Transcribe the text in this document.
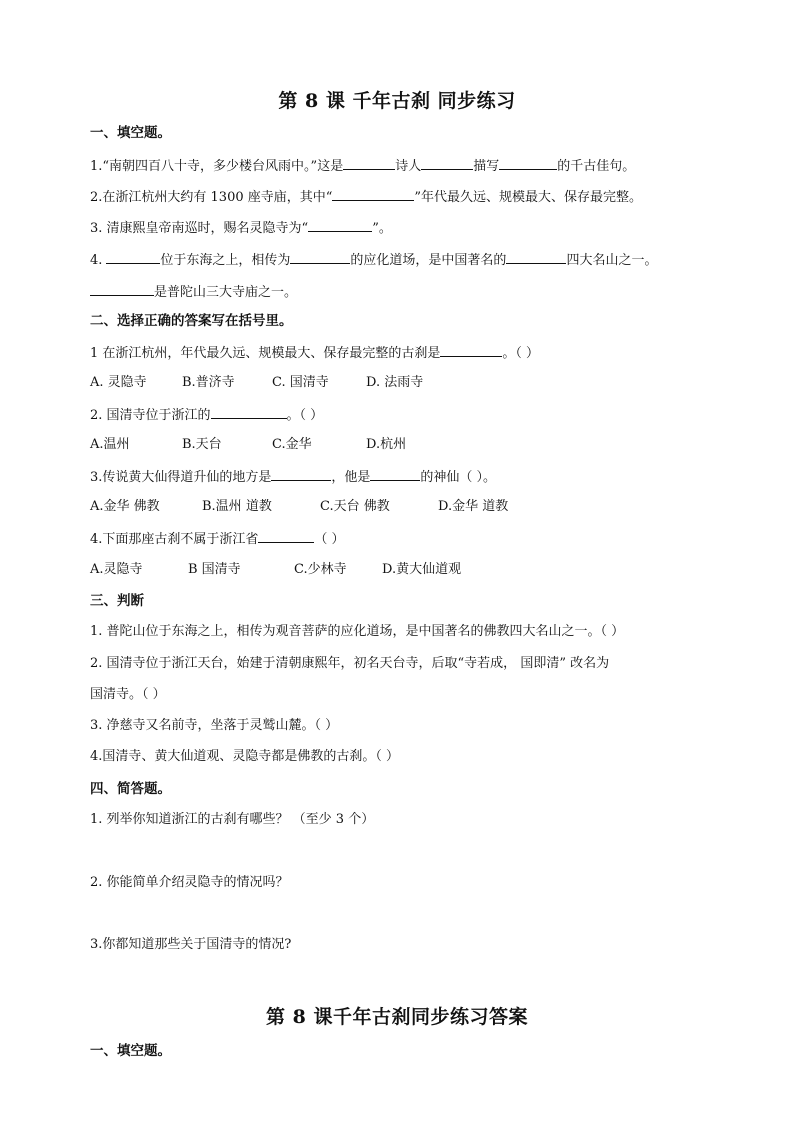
第 8 课 千年古刹 同步练习
一、填空题。
1.“南朝四百八十寺，多少楼台风雨中。”这是	诗人	描写	的千古佳句。
2.在浙江杭州大约有 1300 座寺庙，其中“	”年代最久远、规模最大、保存最完整。
3. 清康熙皇帝南巡时，赐名灵隐寺为“	”。
4.	位于东海之上，相传为	的应化道场，是中国著名的	四大名山之一。
是普陀山三大寺庙之一。
二、选择正确的答案写在括号里。
1 在浙江杭州，年代最久远、规模最大、保存最完整的古刹是	。（ ）
A. 灵隐寺	B.普济寺	C. 国清寺	D. 法雨寺
2. 国清寺位于浙江的	。（ ）
A.温州	B.天台	C.金华	D.杭州
3.传说黄大仙得道升仙的地方是	，他是	的神仙（ ）。
A.金华 佛教	B.温州 道教	C.天台 佛教	D.金华 道教
4.下面那座古刹不属于浙江省	（ ）
A.灵隐寺	B 国清寺	C.少林寺	D.黄大仙道观
三、判断
1. 普陀山位于东海之上，相传为观音菩萨的应化道场，是中国著名的佛教四大名山之一。（ ）
2. 国清寺位于浙江天台，始建于清朝康熙年，初名天台寺，后取“寺若成， 国即清” 改名为
国清寺。（ ）
3. 净慈寺又名前寺，坐落于灵鹫山麓。（ ）
4.国清寺、黄大仙道观、灵隐寺都是佛教的古刹。（ ）
四、简答题。
1. 列举你知道浙江的古刹有哪些？ （至少 3 个）
2. 你能简单介绍灵隐寺的情况吗？
3.你都知道那些关于国清寺的情况?
第 8 课千年古刹同步练习答案
一、填空题。
